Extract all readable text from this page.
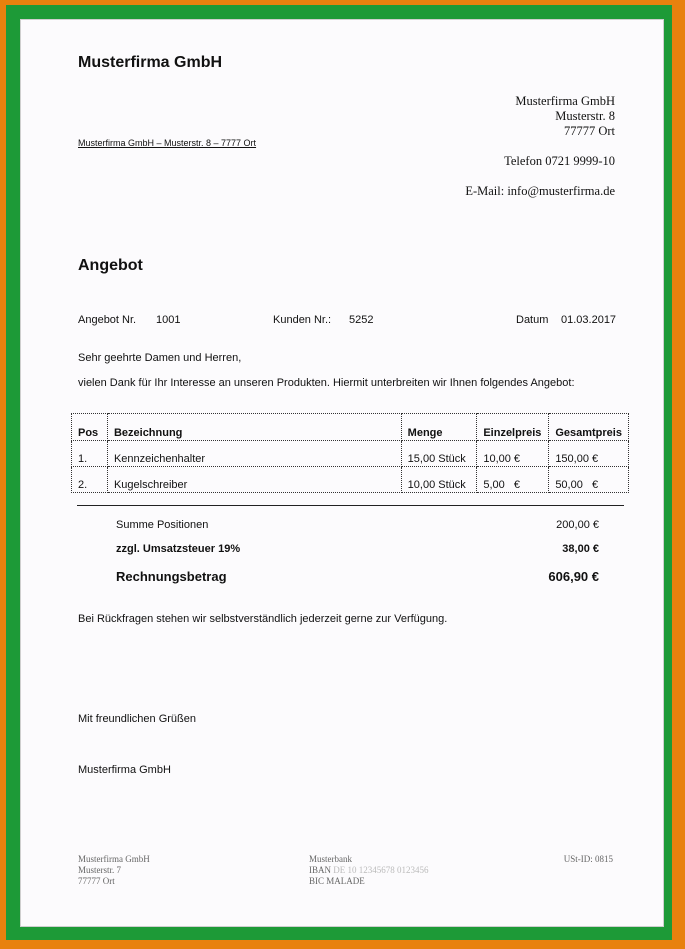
Musterfirma GmbH
Musterfirma GmbH
Musterstr. 8
77777 Ort
Musterfirma GmbH – Musterstr. 8 – 7777 Ort
Telefon 0721 9999-10
E-Mail: info@musterfirma.de
Angebot
Angebot Nr. 1001	Kunden Nr.: 5252	Datum 01.03.2017
Sehr geehrte Damen und Herren,
vielen Dank für Ihr Interesse an unseren Produkten. Hiermit unterbreiten wir Ihnen folgendes Angebot:
Pos	Bezeichnung	Menge	Einzelpreis	Gesamtpreis
1.	Kennzeichenhalter	15,00 Stück	10,00 €	150,00 €
2.	Kugelschreiber	10,00 Stück	5,00   €	50,00   €
Summe Positionen	200,00 €
zzgl. Umsatzsteuer 19%	38,00 €
Rechnungsbetrag	606,90 €
Bei Rückfragen stehen wir selbstverständlich jederzeit gerne zur Verfügung.
Mit freundlichen Grüßen
Musterfirma GmbH
Musterfirma GmbH
Musterstr. 7
77777 Ort
Musterbank
IBAN DE 10 12345678 0123456
BIC MALADE
USt-ID: 0815
